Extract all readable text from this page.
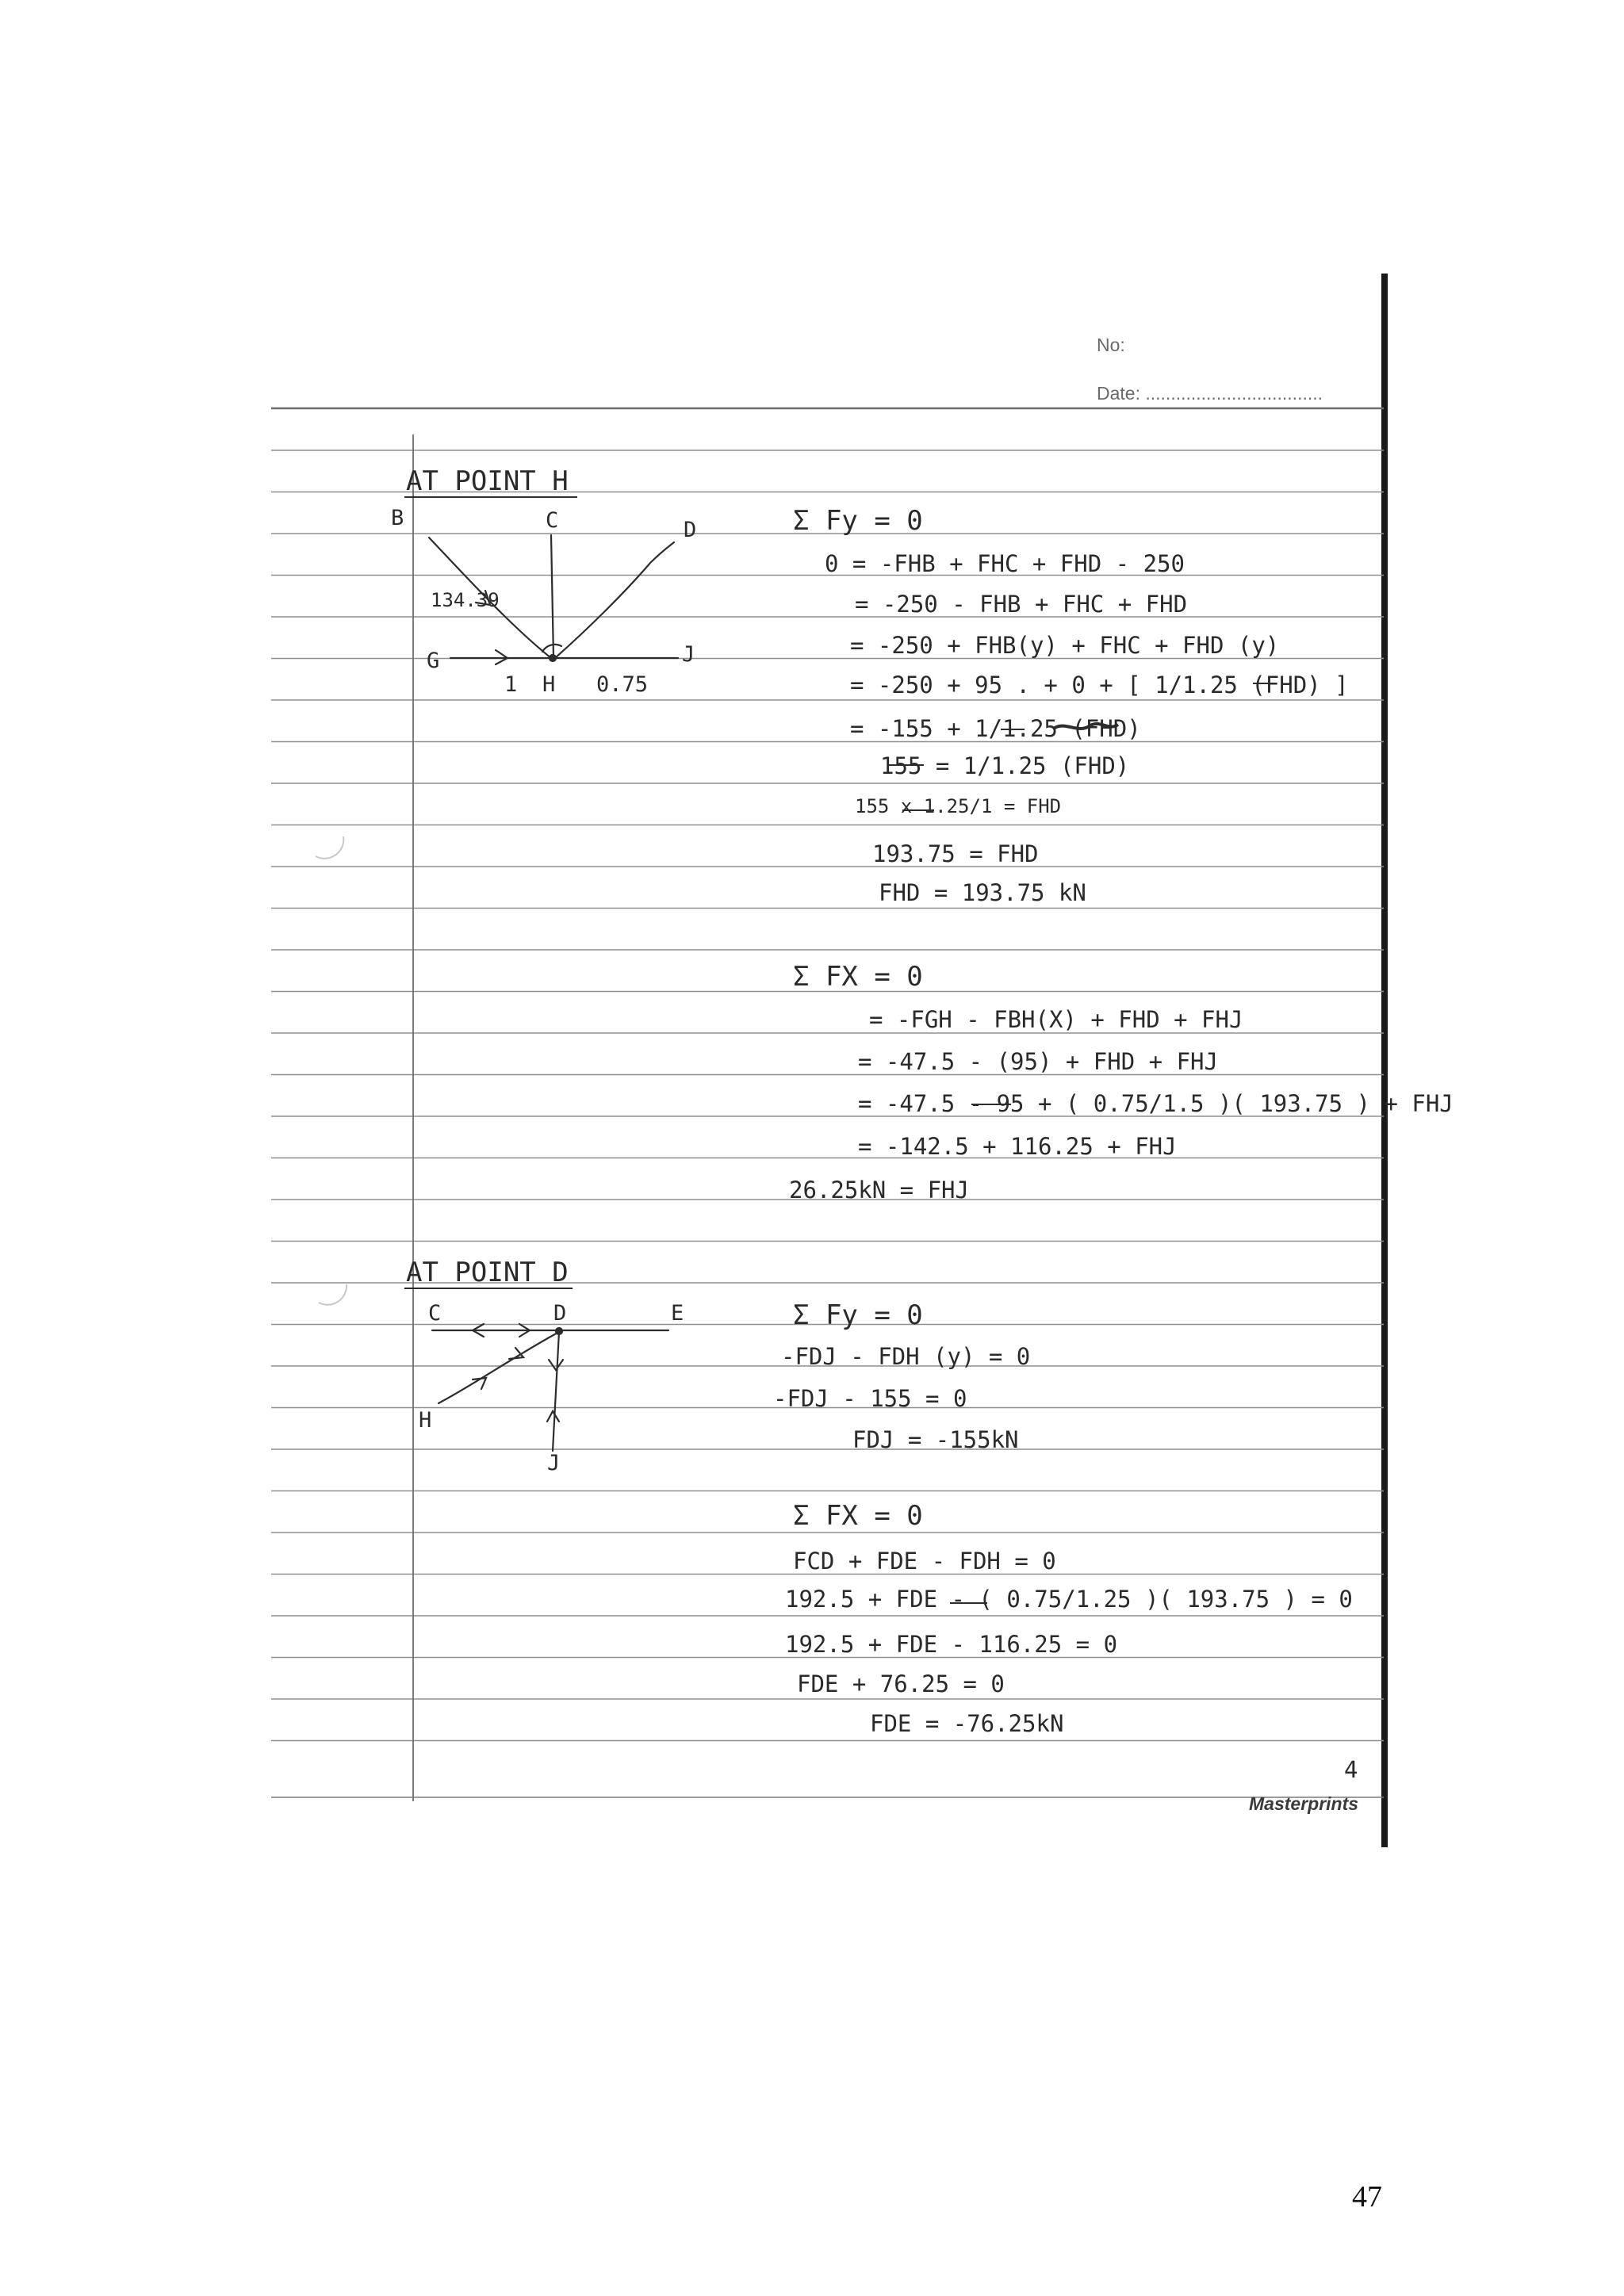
No:
Date: ...................................
AT POINT H
B	C	D
134.39
G	J
1 H 0.75
Σ Fy = 0
0 = -FHB + FHC + FHD - 250
= -250 - FHB + FHC + FHD
= -250 + FHB(y) + FHC + FHD (y)
= -250 + 95 . + 0 + [ 1/1.25 (FHD) ]
= -155 + 1/1.25 (FHD)
155 = 1/1.25 (FHD)
155 x 1.25/1 = FHD
193.75 = FHD
FHD = 193.75 kN
Σ FX = 0
= -FGH - FBH(X) + FHD + FHJ
= -47.5 - (95) + FHD + FHJ
= -47.5 - 95 + ( 0.75/1.5 )( 193.75 ) + FHJ
= -142.5 + 116.25 + FHJ
26.25kN = FHJ
AT POINT D
C	D	E
H
J
Σ Fy = 0
-FDJ - FDH (y) = 0
-FDJ - 155 = 0
FDJ = -155kN
Σ FX = 0
FCD + FDE - FDH = 0
192.5 + FDE - ( 0.75/1.25 )( 193.75 ) = 0
192.5 + FDE - 116.25 = 0
FDE + 76.25 = 0
FDE = -76.25kN
4
Masterprints
47
